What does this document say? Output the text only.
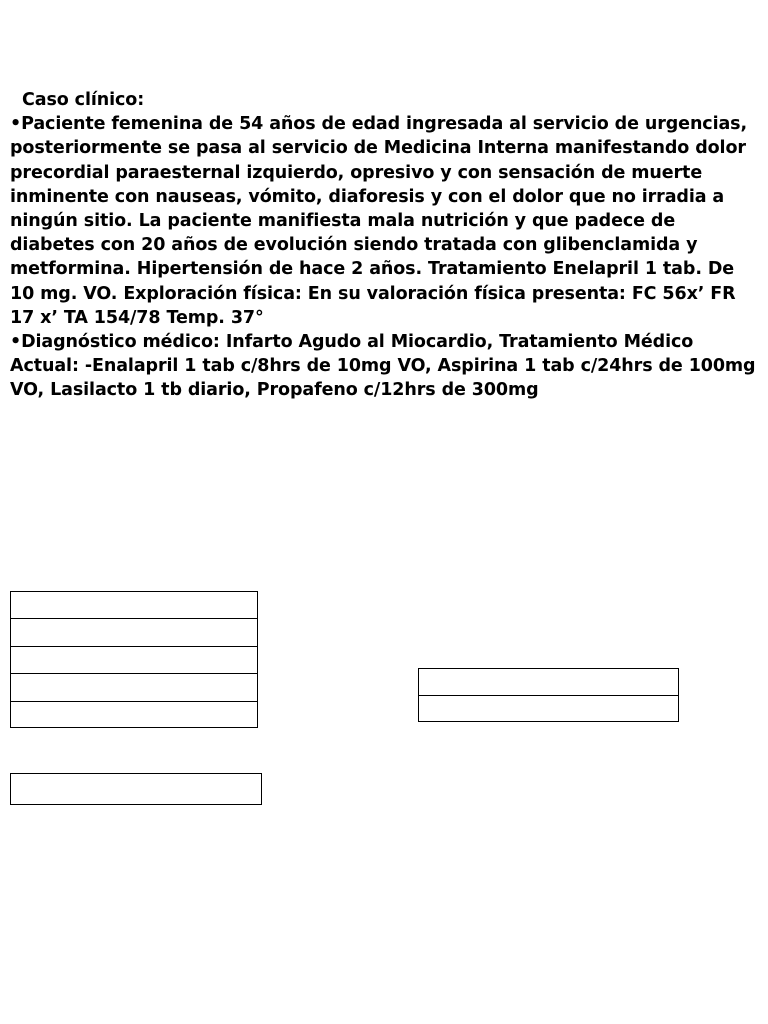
Caso clínico:
•Paciente femenina de 54 años de edad ingresada al servicio de urgencias, posteriormente se pasa al servicio de Medicina Interna manifestando dolor precordial paraesternal izquierdo, opresivo y con sensación de muerte inminente con nauseas, vómito, diaforesis y con el dolor que no irradia a ningún sitio. La paciente manifiesta mala nutrición y que padece de diabetes con 20 años de evolución siendo tratada con glibenclamida y metformina. Hipertensión de hace 2 años. Tratamiento Enelapril 1 tab. De 10 mg. VO. Exploración física: En su valoración física presenta: FC 56x’ FR 17 x’ TA 154/78 Temp. 37°
•Diagnóstico médico: Infarto Agudo al Miocardio, Tratamiento Médico Actual: -Enalapril 1 tab c/8hrs de 10mg VO, Aspirina 1 tab c/24hrs de 100mg VO, Lasilacto 1 tb diario, Propafeno c/12hrs de 300mg
